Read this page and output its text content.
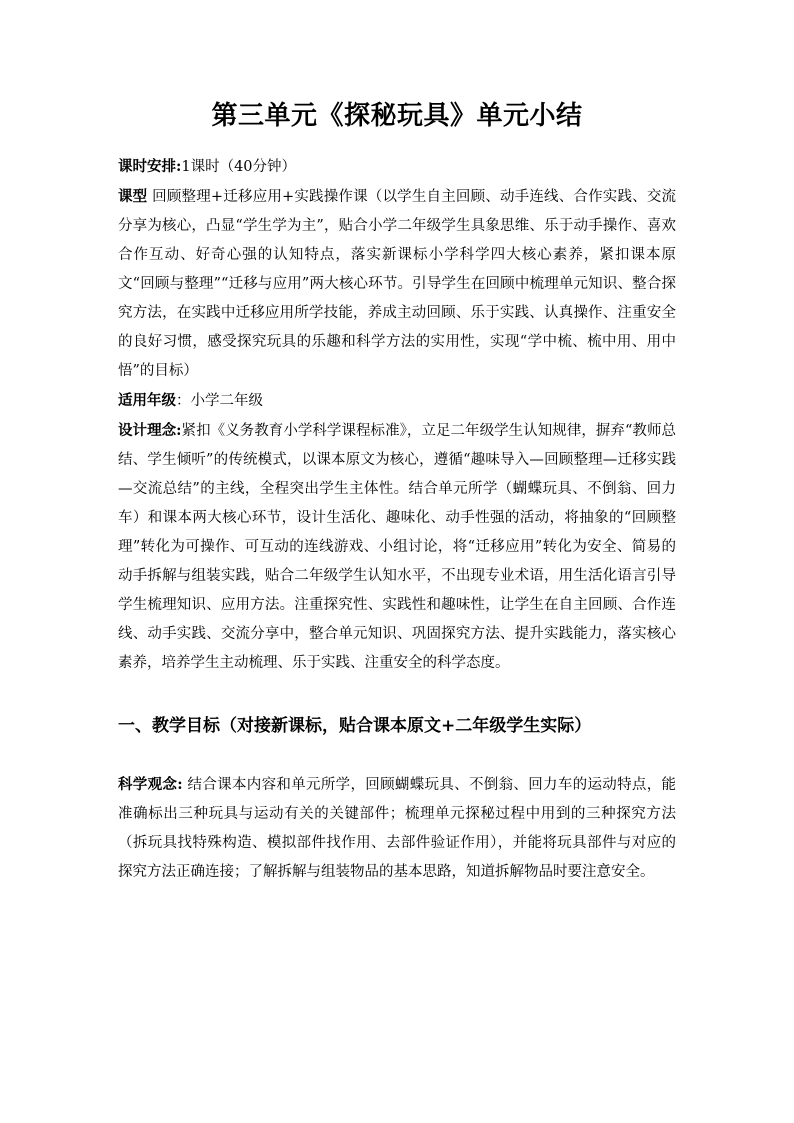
第三单元《探秘玩具》单元小结

课时安排:1课时（40分钟）

课型 回顾整理+迁移应用+实践操作课（以学生自主回顾、动手连线、合作实践、交流分享为核心，凸显“学生学为主”，贴合小学二年级学生具象思维、乐于动手操作、喜欢合作互动、好奇心强的认知特点，落实新课标小学科学四大核心素养，紧扣课本原文“回顾与整理”“迁移与应用”两大核心环节。引导学生在回顾中梳理单元知识、整合探究方法，在实践中迁移应用所学技能，养成主动回顾、乐于实践、认真操作、注重安全的良好习惯，感受探究玩具的乐趣和科学方法的实用性，实现“学中梳、梳中用、用中悟”的目标）

适用年级：小学二年级

设计理念:紧扣《义务教育小学科学课程标准》，立足二年级学生认知规律，摒弃“教师总结、学生倾听”的传统模式，以课本原文为核心，遵循“趣味导入—回顾整理—迁移实践—交流总结”的主线，全程突出学生主体性。结合单元所学（蝴蝶玩具、不倒翁、回力车）和课本两大核心环节，设计生活化、趣味化、动手性强的活动，将抽象的“回顾整理”转化为可操作、可互动的连线游戏、小组讨论，将“迁移应用”转化为安全、简易的动手拆解与组装实践，贴合二年级学生认知水平，不出现专业术语，用生活化语言引导学生梳理知识、应用方法。注重探究性、实践性和趣味性，让学生在自主回顾、合作连线、动手实践、交流分享中，整合单元知识、巩固探究方法、提升实践能力，落实核心素养，培养学生主动梳理、乐于实践、注重安全的科学态度。

一、教学目标（对接新课标，贴合课本原文+二年级学生实际）

科学观念: 结合课本内容和单元所学，回顾蝴蝶玩具、不倒翁、回力车的运动特点，能准确标出三种玩具与运动有关的关键部件；梳理单元探秘过程中用到的三种探究方法（拆玩具找特殊构造、模拟部件找作用、去部件验证作用），并能将玩具部件与对应的探究方法正确连接；了解拆解与组装物品的基本思路，知道拆解物品时要注意安全。
